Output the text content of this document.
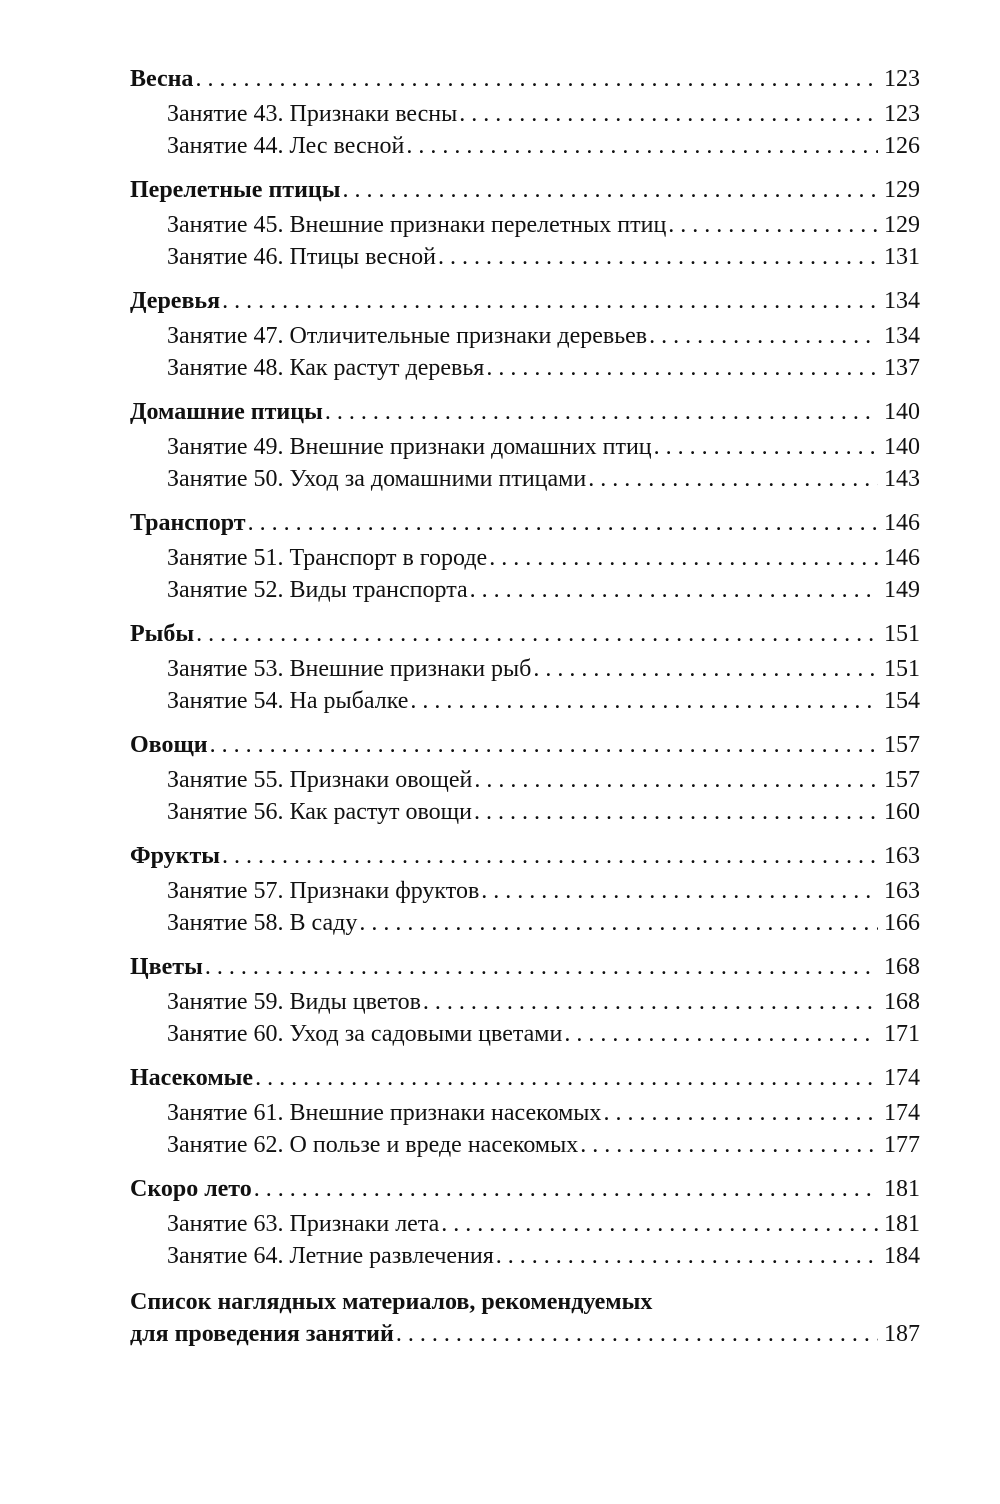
Весна . . .	123
Занятие 43. Признаки весны . . .	123
Занятие 44. Лес весной . . .	126
Перелетные птицы . . .	129
Занятие 45. Внешние признаки перелетных птиц . . .	129
Занятие 46. Птицы весной . . .	131
Деревья . . .	134
Занятие 47. Отличительные признаки деревьев . . .	134
Занятие 48. Как растут деревья . . .	137
Домашние птицы . . .	140
Занятие 49. Внешние признаки домашних птиц . . .	140
Занятие 50. Уход за домашними птицами . . .	143
Транспорт . . .	146
Занятие 51. Транспорт в городе . . .	146
Занятие 52. Виды транспорта . . .	149
Рыбы . . .	151
Занятие 53. Внешние признаки рыб . . .	151
Занятие 54. На рыбалке . . .	154
Овощи . . .	157
Занятие 55. Признаки овощей . . .	157
Занятие 56. Как растут овощи . . .	160
Фрукты . . .	163
Занятие 57. Признаки фруктов . . .	163
Занятие 58. В саду . . .	166
Цветы . . .	168
Занятие 59. Виды цветов . . .	168
Занятие 60. Уход за садовыми цветами . . .	171
Насекомые . . .	174
Занятие 61. Внешние признаки насекомых . . .	174
Занятие 62. О пользе и вреде насекомых . . .	177
Скоро лето . . .	181
Занятие 63. Признаки лета . . .	181
Занятие 64. Летние развлечения . . .	184
Список наглядных материалов, рекомендуемых
для проведения занятий . . .	187
